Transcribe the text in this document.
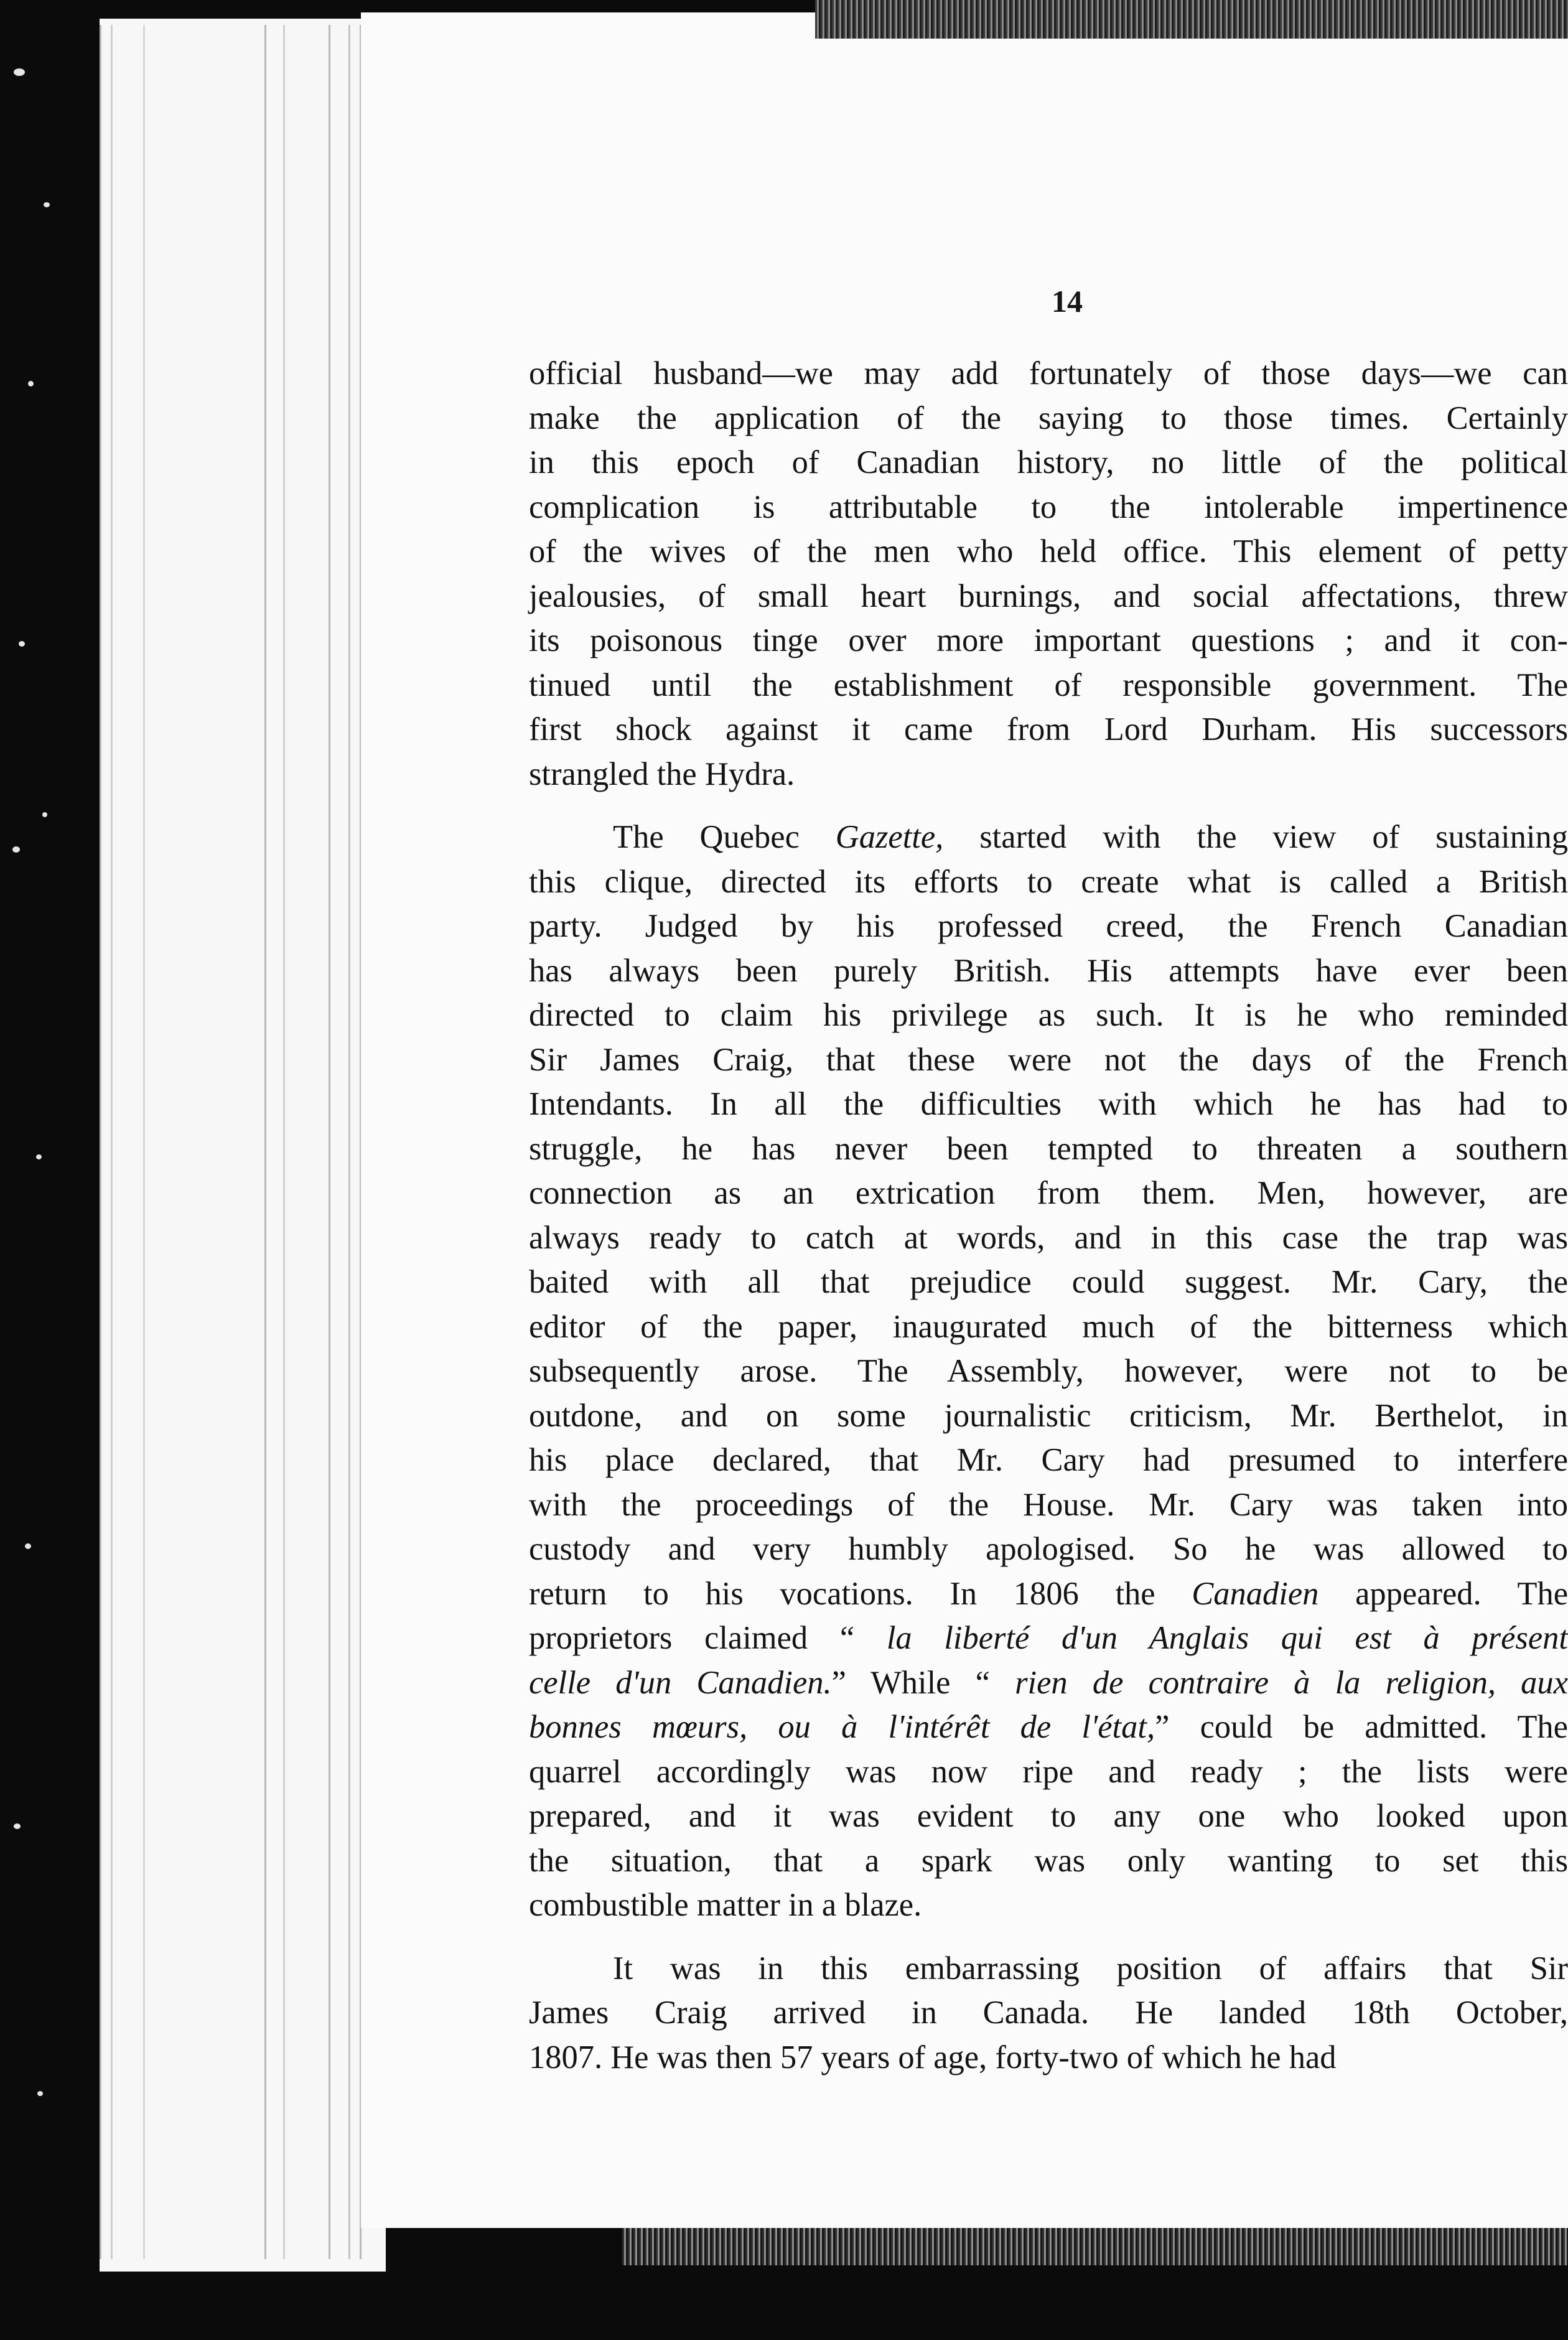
14
official husband—we may add fortunately of those days—we can
make the application of the saying to those times. Certainly
in this epoch of Canadian history, no little of the political
complication is attributable to the intolerable impertinence
of the wives of the men who held office. This element of petty
jealousies, of small heart burnings, and social affectations, threw
its poisonous tinge over more important questions ; and it con-
tinued until the establishment of responsible government. The
first shock against it came from Lord Durham. His successors
strangled the Hydra.
The Quebec Gazette, started with the view of sustaining
this clique, directed its efforts to create what is called a British
party. Judged by his professed creed, the French Canadian
has always been purely British. His attempts have ever been
directed to claim his privilege as such. It is he who reminded
Sir James Craig, that these were not the days of the French
Intendants. In all the difficulties with which he has had to
struggle, he has never been tempted to threaten a southern
connection as an extrication from them. Men, however, are
always ready to catch at words, and in this case the trap was
baited with all that prejudice could suggest. Mr. Cary, the
editor of the paper, inaugurated much of the bitterness which
subsequently arose. The Assembly, however, were not to be
outdone, and on some journalistic criticism, Mr. Berthelot, in
his place declared, that Mr. Cary had presumed to interfere
with the proceedings of the House. Mr. Cary was taken into
custody and very humbly apologised. So he was allowed to
return to his vocations. In 1806 the Canadien appeared. The
proprietors claimed “ la liberté d'un Anglais qui est à présent
celle d'un Canadien.” While “ rien de contraire à la religion, aux
bonnes mœurs, ou à l'intérêt de l'état,” could be admitted. The
quarrel accordingly was now ripe and ready ; the lists were
prepared, and it was evident to any one who looked upon
the situation, that a spark was only wanting to set this
combustible matter in a blaze.
It was in this embarrassing position of affairs that Sir
James Craig arrived in Canada. He landed 18th October,
1807. He was then 57 years of age, forty-two of which he had
